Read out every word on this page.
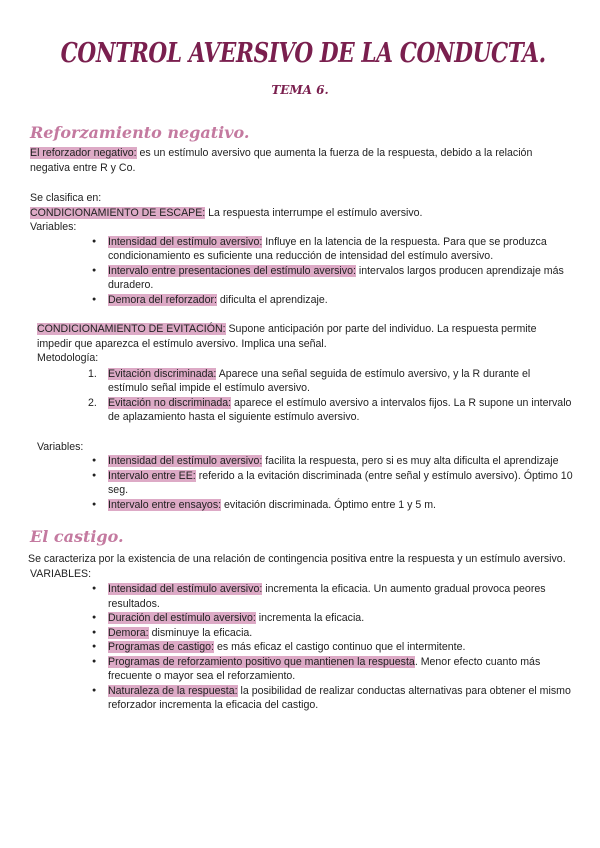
CONTROL AVERSIVO DE LA CONDUCTA.
TEMA 6.
Reforzamiento negativo.
El reforzador negativo: es un estímulo aversivo que aumenta la fuerza de la respuesta, debido a la relación negativa entre R y Co.
Se clasifica en:
CONDICIONAMIENTO DE ESCAPE: La respuesta interrumpe el estímulo aversivo.
Variables:
● Intensidad del estímulo aversivo: Influye en la latencia de la respuesta. Para que se produzca condicionamiento es suficiente una reducción de intensidad del estímulo aversivo.
● Intervalo entre presentaciones del estímulo aversivo: intervalos largos producen aprendizaje más duradero.
● Demora del reforzador: dificulta el aprendizaje.
CONDICIONAMIENTO DE EVITACIÓN: Supone anticipación por parte del individuo. La respuesta permite impedir que aparezca el estímulo aversivo. Implica una señal.
Metodología:
1. Evitación discriminada: Aparece una señal seguida de estímulo aversivo, y la R durante el estímulo señal impide el estímulo aversivo.
2. Evitación no discriminada: aparece el estímulo aversivo a intervalos fijos. La R supone un intervalo de aplazamiento hasta el siguiente estímulo aversivo.
Variables:
● Intensidad del estímulo aversivo: facilita la respuesta, pero si es muy alta dificulta el aprendizaje
● Intervalo entre EE: referido a la evitación discriminada (entre señal y estímulo aversivo). Óptimo 10 seg.
● Intervalo entre ensayos: evitación discriminada. Óptimo entre 1 y 5 m.
El castigo.
Se caracteriza por la existencia de una relación de contingencia positiva entre la respuesta y un estímulo aversivo.
VARIABLES:
● Intensidad del estímulo aversivo: incrementa la eficacia. Un aumento gradual provoca peores resultados.
● Duración del estímulo aversivo: incrementa la eficacia.
● Demora: disminuye la eficacia.
● Programas de castigo: es más eficaz el castigo continuo que el intermitente.
● Programas de reforzamiento positivo que mantienen la respuesta. Menor efecto cuanto más frecuente o mayor sea el reforzamiento.
● Naturaleza de la respuesta: la posibilidad de realizar conductas alternativas para obtener el mismo reforzador incrementa la eficacia del castigo.
